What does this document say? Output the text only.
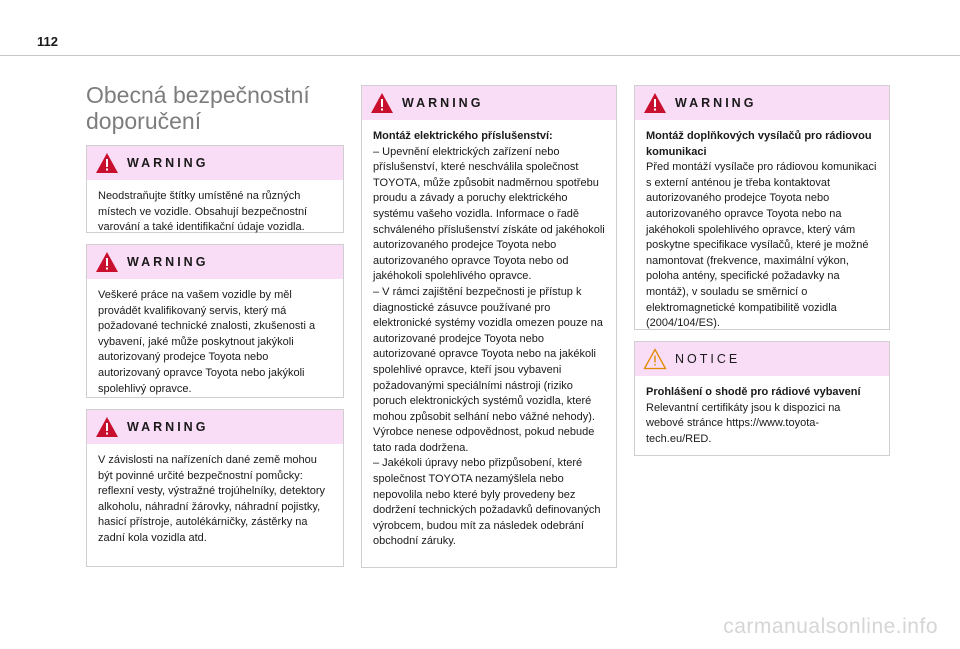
112
Obecná bezpečnostní doporučení
WARNING

Neodstraňujte štítky umístěné na různých místech ve vozidle. Obsahují bezpečnostní varování a také identifikační údaje vozidla.

WARNING

Veškeré práce na vašem vozidle by měl provádět kvalifikovaný servis, který má požadované technické znalosti, zkušenosti a vybavení, jaké může poskytnout jakýkoli autorizovaný prodejce Toyota nebo autorizovaný opravce Toyota nebo jakýkoli spolehlivý opravce.

WARNING

V závislosti na nařízeních dané země mohou být povinné určité bezpečnostní pomůcky: reflexní vesty, výstražné trojúhelníky, detektory alkoholu, náhradní žárovky, náhradní pojistky, hasicí přístroje, autolékárničky, zástěrky na zadní kola vozidla atd.

WARNING

Montáž elektrického příslušenství:

– Upevnění elektrických zařízení nebo příslušenství, které neschválila společnost TOYOTA, může způsobit nadměrnou spotřebu proudu a závady a poruchy elektrického systému vašeho vozidla. Informace o řadě schváleného příslušenství získáte od jakéhokoli autorizovaného prodejce Toyota nebo autorizovaného opravce Toyota nebo od jakéhokoli spolehlivého opravce.

– V rámci zajištění bezpečnosti je přístup k diagnostické zásuvce používané pro elektronické systémy vozidla omezen pouze na autorizované prodejce Toyota nebo autorizované opravce Toyota nebo na jakékoli spolehlivé opravce, kteří jsou vybaveni požadovanými speciálními nástroji (riziko poruch elektronických systémů vozidla, které mohou způsobit selhání nebo vážné nehody). Výrobce nenese odpovědnost, pokud nebude tato rada dodržena.

– Jakékoli úpravy nebo přizpůsobení, které společnost TOYOTA nezamýšlela nebo nepovolila nebo které byly provedeny bez dodržení technických požadavků definovaných výrobcem, budou mít za následek odebrání obchodní záruky.

WARNING

Montáž doplňkových vysílačů pro rádiovou komunikaci

Před montáží vysílače pro rádiovou komunikaci s externí anténou je třeba kontaktovat autorizovaného prodejce Toyota nebo autorizovaného opravce Toyota nebo na jakéhokoli spolehlivého opravce, který vám poskytne specifikace vysílačů, které je možné namontovat (frekvence, maximální výkon, poloha antény, specifické požadavky na montáž), v souladu se směrnicí o elektromagnetické kompatibilitě vozidla (2004/104/ES).

NOTICE

Prohlášení o shodě pro rádiové vybavení

Relevantní certifikáty jsou k dispozici na webové stránce https://www.toyota-tech.eu/RED.

carmanualsonline.info
